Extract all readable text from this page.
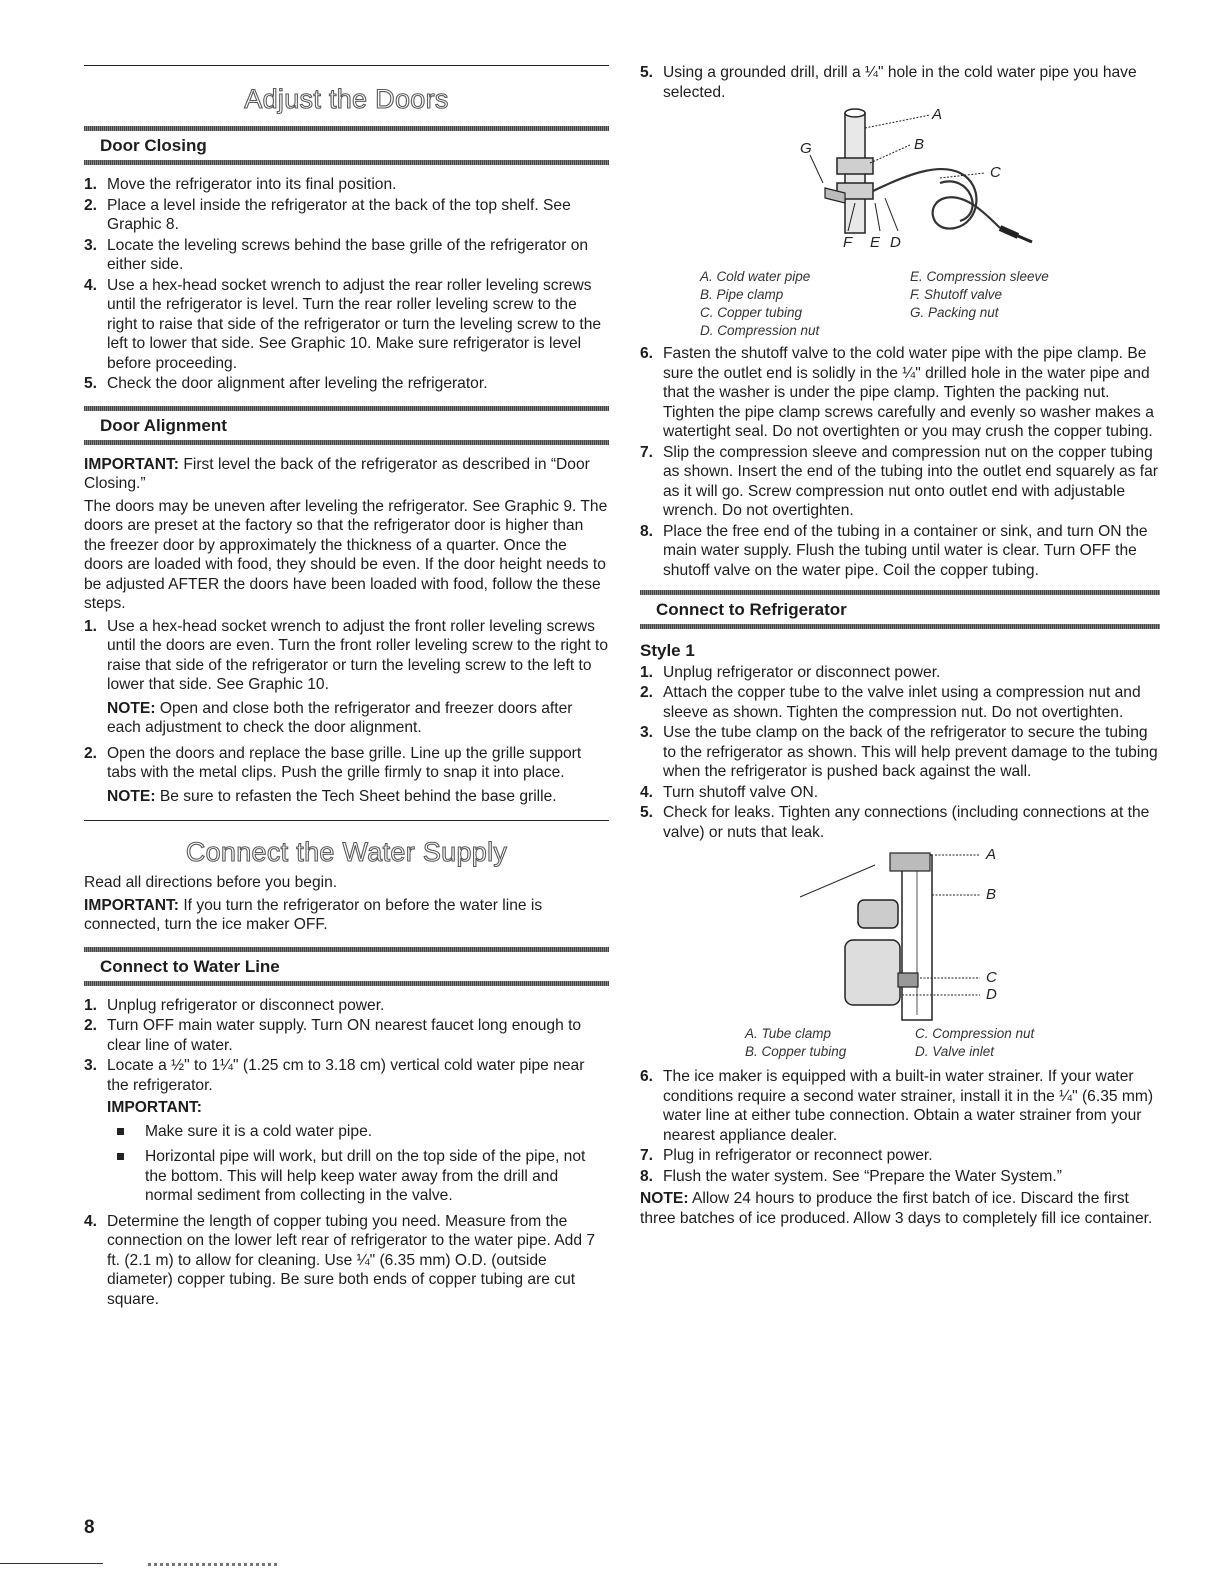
Adjust the Doors
Door Closing
1. Move the refrigerator into its final position.
2. Place a level inside the refrigerator at the back of the top shelf. See Graphic 8.
3. Locate the leveling screws behind the base grille of the refrigerator on either side.
4. Use a hex-head socket wrench to adjust the rear roller leveling screws until the refrigerator is level. Turn the rear roller leveling screw to the right to raise that side of the refrigerator or turn the leveling screw to the left to lower that side. See Graphic 10. Make sure refrigerator is level before proceeding.
5. Check the door alignment after leveling the refrigerator.
Door Alignment

IMPORTANT: First level the back of the refrigerator as described in “Door Closing.”

The doors may be uneven after leveling the refrigerator. See Graphic 9. The doors are preset at the factory so that the refrigerator door is higher than the freezer door by approximately the thickness of a quarter. Once the doors are loaded with food, they should be even. If the door height needs to be adjusted AFTER the doors have been loaded with food, follow the these steps.

1. Use a hex-head socket wrench to adjust the front roller leveling screws until the doors are even. Turn the front roller leveling screw to the right to raise that side of the refrigerator or turn the leveling screw to the left to lower that side. See Graphic 10.

NOTE: Open and close both the refrigerator and freezer doors after each adjustment to check the door alignment.

2. Open the doors and replace the base grille. Line up the grille support tabs with the metal clips. Push the grille firmly to snap it into place.

NOTE: Be sure to refasten the Tech Sheet behind the base grille.

Connect the Water Supply

Read all directions before you begin.

IMPORTANT: If you turn the refrigerator on before the water line is connected, turn the ice maker OFF.

Connect to Water Line
1. Unplug refrigerator or disconnect power.
2. Turn OFF main water supply. Turn ON nearest faucet long enough to clear line of water.
3. Locate a ½" to 1¼" (1.25 cm to 3.18 cm) vertical cold water pipe near the refrigerator.
IMPORTANT:
Make sure it is a cold water pipe.
Horizontal pipe will work, but drill on the top side of the pipe, not the bottom. This will help keep water away from the drill and normal sediment from collecting in the valve.
4. Determine the length of copper tubing you need. Measure from the connection on the lower left rear of refrigerator to the water pipe. Add 7 ft. (2.1 m) to allow for cleaning. Use ¼" (6.35 mm) O.D. (outside diameter) copper tubing. Be sure both ends of copper tubing are cut square.
5. Using a grounded drill, drill a ¼" hole in the cold water pipe you have selected.
A
B
C
D
E
F
G
A. Cold water pipe	E. Compression sleeve
B. Pipe clamp	F. Shutoff valve
C. Copper tubing	G. Packing nut
D. Compression nut
6. Fasten the shutoff valve to the cold water pipe with the pipe clamp. Be sure the outlet end is solidly in the ¼" drilled hole in the water pipe and that the washer is under the pipe clamp. Tighten the packing nut. Tighten the pipe clamp screws carefully and evenly so washer makes a watertight seal. Do not overtighten or you may crush the copper tubing.
7. Slip the compression sleeve and compression nut on the copper tubing as shown. Insert the end of the tubing into the outlet end squarely as far as it will go. Screw compression nut onto outlet end with adjustable wrench. Do not overtighten.
8. Place the free end of the tubing in a container or sink, and turn ON the main water supply. Flush the tubing until water is clear. Turn OFF the shutoff valve on the water pipe. Coil the copper tubing.
Connect to Refrigerator
Style 1
1. Unplug refrigerator or disconnect power.
2. Attach the copper tube to the valve inlet using a compression nut and sleeve as shown. Tighten the compression nut. Do not overtighten.
3. Use the tube clamp on the back of the refrigerator to secure the tubing to the refrigerator as shown. This will help prevent damage to the tubing when the refrigerator is pushed back against the wall.
4. Turn shutoff valve ON.
5. Check for leaks. Tighten any connections (including connections at the valve) or nuts that leak.
A
B
C
D
A. Tube clamp	C. Compression nut
B. Copper tubing	D. Valve inlet
6. The ice maker is equipped with a built-in water strainer. If your water conditions require a second water strainer, install it in the ¼" (6.35 mm) water line at either tube connection. Obtain a water strainer from your nearest appliance dealer.
7. Plug in refrigerator or reconnect power.
8. Flush the water system. See “Prepare the Water System.”

NOTE: Allow 24 hours to produce the first batch of ice. Discard the first three batches of ice produced. Allow 3 days to completely fill ice container.

8
